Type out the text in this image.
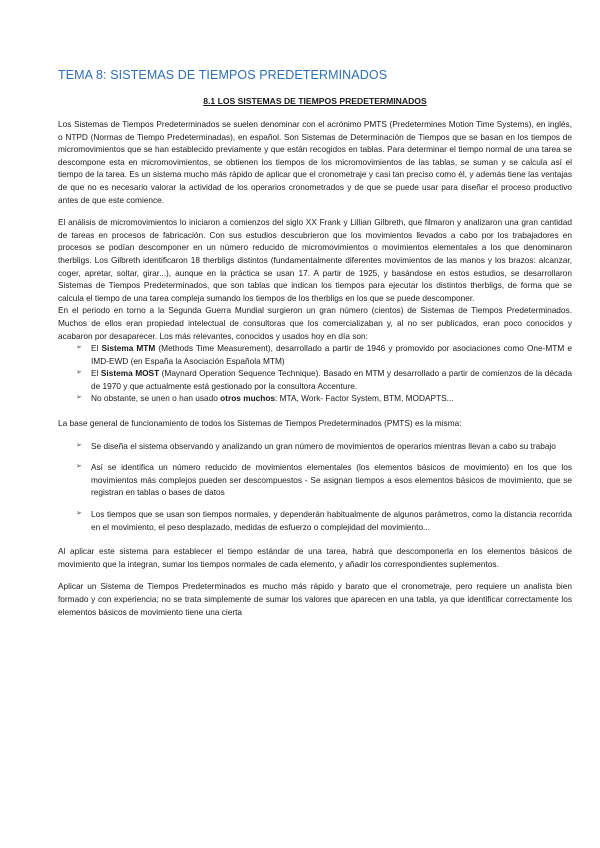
TEMA 8: SISTEMAS DE TIEMPOS PREDETERMINADOS
8.1 LOS SISTEMAS DE TIEMPOS PREDETERMINADOS

Los Sistemas de Tiempos Predeterminados se suelen denominar con el acrónimo PMTS (Predetermines Motion Time Systems), en inglés, o NTPD (Normas de Tiempo Predeterminadas), en español. Son Sistemas de Determinación de Tiempos que se basan en los tiempos de micromovimientos que se han establecido previamente y que están recogidos en tablas. Para determinar el tiempo normal de una tarea se descompone esta en micromovimientos, se obtienen los tiempos de los micromovimientos de las tablas, se suman y se calcula así el tiempo de la tarea. Es un sistema mucho más rápido de aplicar que el cronometraje y casi tan preciso como él, y además tiene las ventajas de que no es necesario valorar la actividad de los operarios cronometrados y de que se puede usar para diseñar el proceso productivo antes de que este comience.

El análisis de micromovimientos lo iniciaron a comienzos del siglo XX Frank y Lillian Gilbreth, que filmaron y analizaron una gran cantidad de tareas en procesos de fabricación. Con sus estudios descubrieron que los movimientos llevados a cabo por los trabajadores en procesos se podían descomponer en un número reducido de micromovimientos o movimientos elementales a los que denominaron therbligs. Los Gilbreth identificaron 18 therbligs distintos (fundamentalmente diferentes movimientos de las manos y los brazos: alcanzar, coger, apretar, soltar, girar...), aunque en la práctica se usan 17. A partir de 1925, y basándose en estos estudios, se desarrollaron Sistemas de Tiempos Predeterminados, que son tablas que indican los tiempos para ejecutar los distintos therbligs, de forma que se calcula el tiempo de una tarea compleja sumando los tiempos de los therbligs en los que se puede descomponer.

En el periodo en torno a la Segunda Guerra Mundial surgieron un gran número (cientos) de Sistemas de Tiempos Predeterminados. Muchos de ellos eran propiedad intelectual de consultoras que los comercializaban y, al no ser publicados, eran poco conocidos y acabaron por desaparecer. Los más relevantes, conocidos y usados hoy en día son:

➢ El Sistema MTM (Methods Time Measurement), desarrollado a partir de 1946 y promovido por asociaciones como One-MTM e IMD-EWD (en España la Asociación Española MTM)
➢ El Sistema MOST (Maynard Operation Sequence Technique). Basado en MTM y desarrollado a partir de comienzos de la década de 1970 y que actualmente está gestionado por la consultora Accenture.
➢ No obstante, se unen o han usado otros muchos: MTA, Work- Factor System, BTM, MODAPTS...

La base general de funcionamiento de todos los Sistemas de Tiempos Predeterminados (PMTS) es la misma:

➢ Se diseña el sistema observando y analizando un gran número de movimientos de operarios mientras llevan a cabo su trabajo
➢ Así se identifica un número reducido de movimientos elementales (los elementos básicos de movimiento) en los que los movimientos más complejos pueden ser descompuestos - Se asignan tiempos a esos elementos básicos de movimiento, que se registran en tablas o bases de datos
➢ Los tiempos que se usan son tiempos normales, y dependerán habitualmente de algunos parámetros, como la distancia recorrida en el movimiento, el peso desplazado, medidas de esfuerzo o complejidad del movimiento...

Al aplicar este sistema para establecer el tiempo estándar de una tarea, habrá que descomponerla en los elementos básicos de movimiento que la integran, sumar los tiempos normales de cada elemento, y añadir los correspondientes suplementos.

Aplicar un Sistema de Tiempos Predeterminados es mucho más rápido y barato que el cronometraje, pero requiere un analista bien formado y con experiencia; no se trata simplemente de sumar los valores que aparecen en una tabla, ya que identificar correctamente los elementos básicos de movimiento tiene una cierta
